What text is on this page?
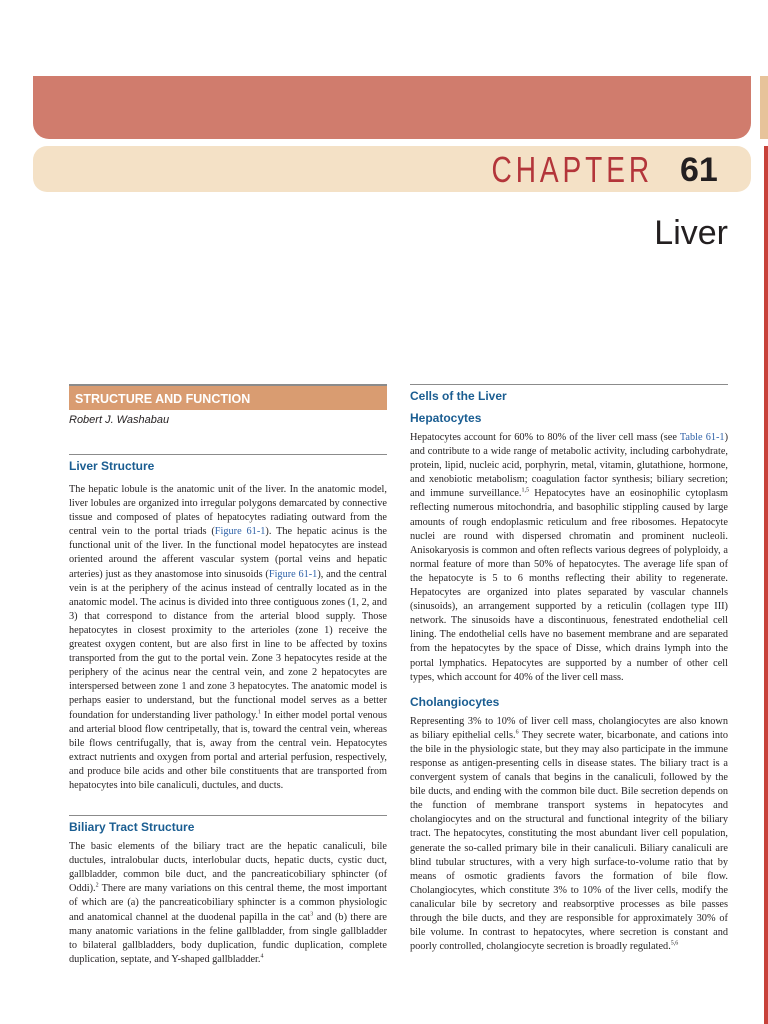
CHAPTER 61
Liver
STRUCTURE AND FUNCTION
Robert J. Washabau
Liver Structure

The hepatic lobule is the anatomic unit of the liver. In the anatomic model, liver lobules are organized into irregular polygons demarcated by connective tissue and composed of plates of hepatocytes radiating outward from the central vein to the portal triads (Figure 61-1). The hepatic acinus is the functional unit of the liver. In the functional model hepatocytes are instead oriented around the afferent vascular system (portal veins and hepatic arteries) just as they anastomose into sinusoids (Figure 61-1), and the central vein is at the periphery of the acinus instead of centrally located as in the anatomic model. The acinus is divided into three contiguous zones (1, 2, and 3) that correspond to distance from the arterial blood supply. Those hepatocytes in closest proximity to the arterioles (zone 1) receive the greatest oxygen content, but are also first in line to be affected by toxins transported from the gut to the portal vein. Zone 3 hepatocytes reside at the periphery of the acinus near the central vein, and zone 2 hepatocytes are interspersed between zone 1 and zone 3 hepatocytes. The anatomic model is perhaps easier to understand, but the functional model serves as a better foundation for understanding liver pathology.$^1$ In either model portal venous and arterial blood flow centripetally, that is, toward the central vein, whereas bile flows centrifugally, that is, away from the central vein. Hepatocytes extract nutrients and oxygen from portal and arterial perfusion, respectively, and produce bile acids and other bile constituents that are transported from hepatocytes into bile canaliculi, ductules, and ducts.

Biliary Tract Structure

The basic elements of the biliary tract are the hepatic canaliculi, bile ductules, intralobular ducts, interlobular ducts, hepatic ducts, cystic duct, gallbladder, common bile duct, and the pancreaticobiliary sphincter (of Oddi).$^2$ There are many variations on this central theme, the most important of which are (a) the pancreaticobiliary sphincter is a common physiologic and anatomical channel at the duodenal papilla in the cat$^3$ and (b) there are many anatomic variations in the feline gallbladder, from single gallbladder to bilateral gallbladders, body duplication, fundic duplication, complete duplication, septate, and Y-shaped gallbladder.$^4$

Cells of the Liver
Hepatocytes

Hepatocytes account for 60% to 80% of the liver cell mass (see Table 61-1) and contribute to a wide range of metabolic activity, including carbohydrate, protein, lipid, nucleic acid, porphyrin, metal, vitamin, glutathione, hormone, and xenobiotic metabolism; coagulation factor synthesis; biliary secretion; and immune surveillance.$^{1,5}$ Hepatocytes have an eosinophilic cytoplasm reflecting numerous mitochondria, and basophilic stippling caused by large amounts of rough endoplasmic reticulum and free ribosomes. Hepatocyte nuclei are round with dispersed chromatin and prominent nucleoli. Anisokaryosis is common and often reflects various degrees of polyploidy, a normal feature of more than 50% of hepatocytes. The average life span of the hepatocyte is 5 to 6 months reflecting their ability to regenerate. Hepatocytes are organized into plates separated by vascular channels (sinusoids), an arrangement supported by a reticulin (collagen type III) network. The sinusoids have a discontinuous, fenestrated endothelial cell lining. The endothelial cells have no basement membrane and are separated from the hepatocytes by the space of Disse, which drains lymph into the portal lymphatics. Hepatocytes are supported by a number of other cell types, which account for 40% of the liver cell mass.

Cholangiocytes

Representing 3% to 10% of liver cell mass, cholangiocytes are also known as biliary epithelial cells.$^6$ They secrete water, bicarbonate, and cations into the bile in the physiologic state, but they may also participate in the immune response as antigen-presenting cells in disease states. The biliary tract is a convergent system of canals that begins in the canaliculi, followed by the bile ducts, and ending with the common bile duct. Bile secretion depends on the function of membrane transport systems in hepatocytes and cholangiocytes and on the structural and functional integrity of the biliary tract. The hepatocytes, constituting the most abundant liver cell population, generate the so-called primary bile in their canaliculi. Biliary canaliculi are blind tubular structures, with a very high surface-to-volume ratio that by means of osmotic gradients favors the formation of bile flow. Cholangiocytes, which constitute 3% to 10% of the liver cells, modify the canalicular bile by secretory and reabsorptive processes as bile passes through the bile ducts, and they are responsible for approximately 30% of bile volume. In contrast to hepatocytes, where secretion is constant and poorly controlled, cholangiocyte secretion is broadly regulated.$^{5,6}$
